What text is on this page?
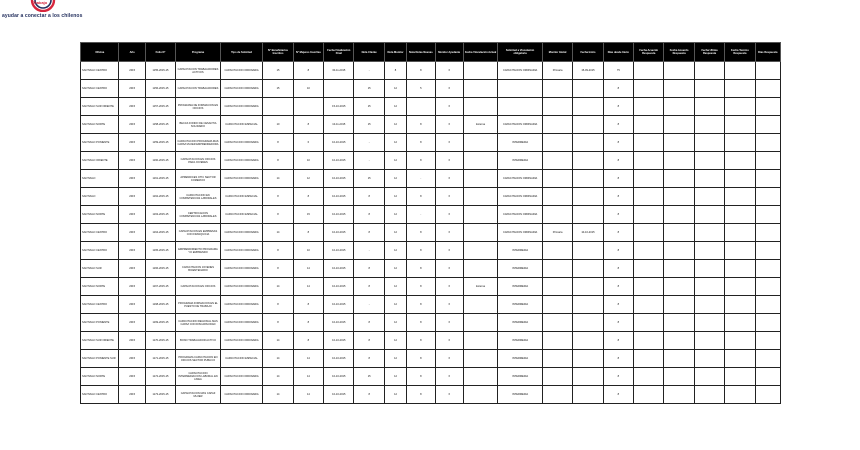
Trabajo
ayudar a conectar a los chilenos
Oficina	Año	Folio N°	Programa	Tipo de Solicitud	N° Beneficiarios Inscritos	N° Mujeres Inscritas	Fecha Finalización Final	Nota Cliente	Nota Monitor	Nota Notas Nuevas	Monitor Ayudante	Fecha Vinculación Actual	Solicitud a Vinculación obligatoria	Monitor Inicial	Fecha Inicio	Días desde Inicio	Fecha Acuerdo Respuesta	Fecha Acuerdo Respuesta	Fecha Ultima Respuesta	Fecha Tecnico Respuesta	Días Respuesta
SANTIAGO CENTRO	2015	1155-2015-15	CAPACITACION TRABAJADORES ACTIVOS	CAPACITACION ORDINARIA	15	8	30-11-2015	-	8	8	X		CAPACITACION ORDINARIA	Primaria	15-09-2015	75					
SANTIAGO CENTRO	2015	1156-2015-15	CAPACITACION TRABAJADORES	CAPACITACION ORDINARIA	15	10		15	12	5	X					8					
SANTIAGO SUR ORIENTE	2015	1157-2015-15	PROGRAMA DE FORMACION EN OFICIOS	CAPACITACION ORDINARIA			15-10-2015	15	12		X					8					
SANTIAGO NORTE	2015	1158-2015-15	BECAS FONDO DE CESANTIA SOLIDARIO	CAPACITACION ESPECIAL	10	8	10-11-2015	15	12	8	X	Externa	CAPACITACION ORDINARIA			8					
SANTIAGO PONIENTE	2015	1159-2015-15	CAPACITACION PROGRAMA MAS CAPAZ MUJER EMPRENDEDORA	CAPACITACION ORDINARIA	8	6	10-10-2015	-	12	8	X		INTERMEDIA			8					
SANTIAGO ORIENTE	2015	1160-2015-15	CAPACITACION EN OFICIOS PARA JOVENES	CAPACITACION ORDINARIA	8	10	10-10-2015	-	12	8	X		INTERMEDIA			8					
SANTIAGO	2015	1161-2015-15	APRENDICES OTIC SECTOR COMERCIO	CAPACITACION ORDINARIA	14	12	10-10-2015	15	12	-	X		CAPACITACION ORDINARIA			8					
SANTIAGO	2015	1162-2015-15	CAPACITACION EN COMPETENCIAS LABORALES	CAPACITACION ESPECIAL	8	8	10-10-2015	8	12	8	X		CAPACITACION ORDINARIA			8					
SANTIAGO NORTE	2015	1163-2015-15	CERTIFICACION COMPETENCIAS LABORALES	CAPACITACION ESPECIAL	8	15	10-10-2015	8	12	-	X		CAPACITACION ORDINARIA			8					
SANTIAGO CENTRO	2015	1164-2015-15	CAPACITACION EN EMPRESAS CON FRANQUICIA	CAPACITACION ORDINARIA	14	8	10-10-2015	8	12	8	X		CAPACITACION ORDINARIA	Primaria	10-10-2015	8					
SANTIAGO CENTRO	2015	1165-2015-15	EMPRENDIMIENTO PROGRAMA YO EMPRENDO	CAPACITACION ORDINARIA	8	10	10-10-2015	-	12	8	X		INTERMEDIA			8					
SANTIAGO SUR	2015	1166-2015-15	CAPACITACION JOVENES BICENTENARIO	CAPACITACION ORDINARIA	8	14	10-10-2015	8	12	8	X		INTERMEDIA			8					
SANTIAGO NORTE	2015	1167-2015-15	CAPACITACION EN OFICIOS	CAPACITACION ORDINARIA	14	14	10-10-2015	8	12	8	X	Externa	INTERMEDIA			8					
SANTIAGO CENTRO	2015	1168-2015-15	PROGRAMA FORMACION EN EL PUESTO DE TRABAJO	CAPACITACION ORDINARIA	8	8	10-10-2015	-	12	8	X		INTERMEDIA			8					
SANTIAGO PONIENTE	2015	1169-2015-15	CAPACITACION REGIONAL MAS CAPAZ CON DISCAPACIDAD	CAPACITACION ORDINARIA	8	8	10-10-2015	8	12	8	X		INTERMEDIA			8					
SANTIAGO SUR ORIENTE	2015	1170-2015-15	BONO TRABAJADOR ACTIVO	CAPACITACION ORDINARIA	14	8	10-10-2015	8	12	8	X		INTERMEDIA			8					
SANTIAGO PONIENTE SUR	2015	1171-2015-15	PROGRAMA CAPACITACION EN OFICIOS SECTOR PUBLICO	CAPACITACION ESPECIAL	14	14	10-10-2015	8	12	8	X		INTERMEDIA			8					
SANTIAGO NORTE	2015	1172-2015-15	CAPACITACION INTERMEDIACION LABORAL EN LINEA	CAPACITACION ORDINARIA	14	14	10-10-2015	15	12	8	X		INTERMEDIA			8					
SANTIAGO CENTRO	2015	1173-2015-15	CAPACITACION MAS CAPAZ MUJER	CAPACITACION ORDINARIA	14	14	10-10-2015	8	12	8	X		INTERMEDIA			8					
